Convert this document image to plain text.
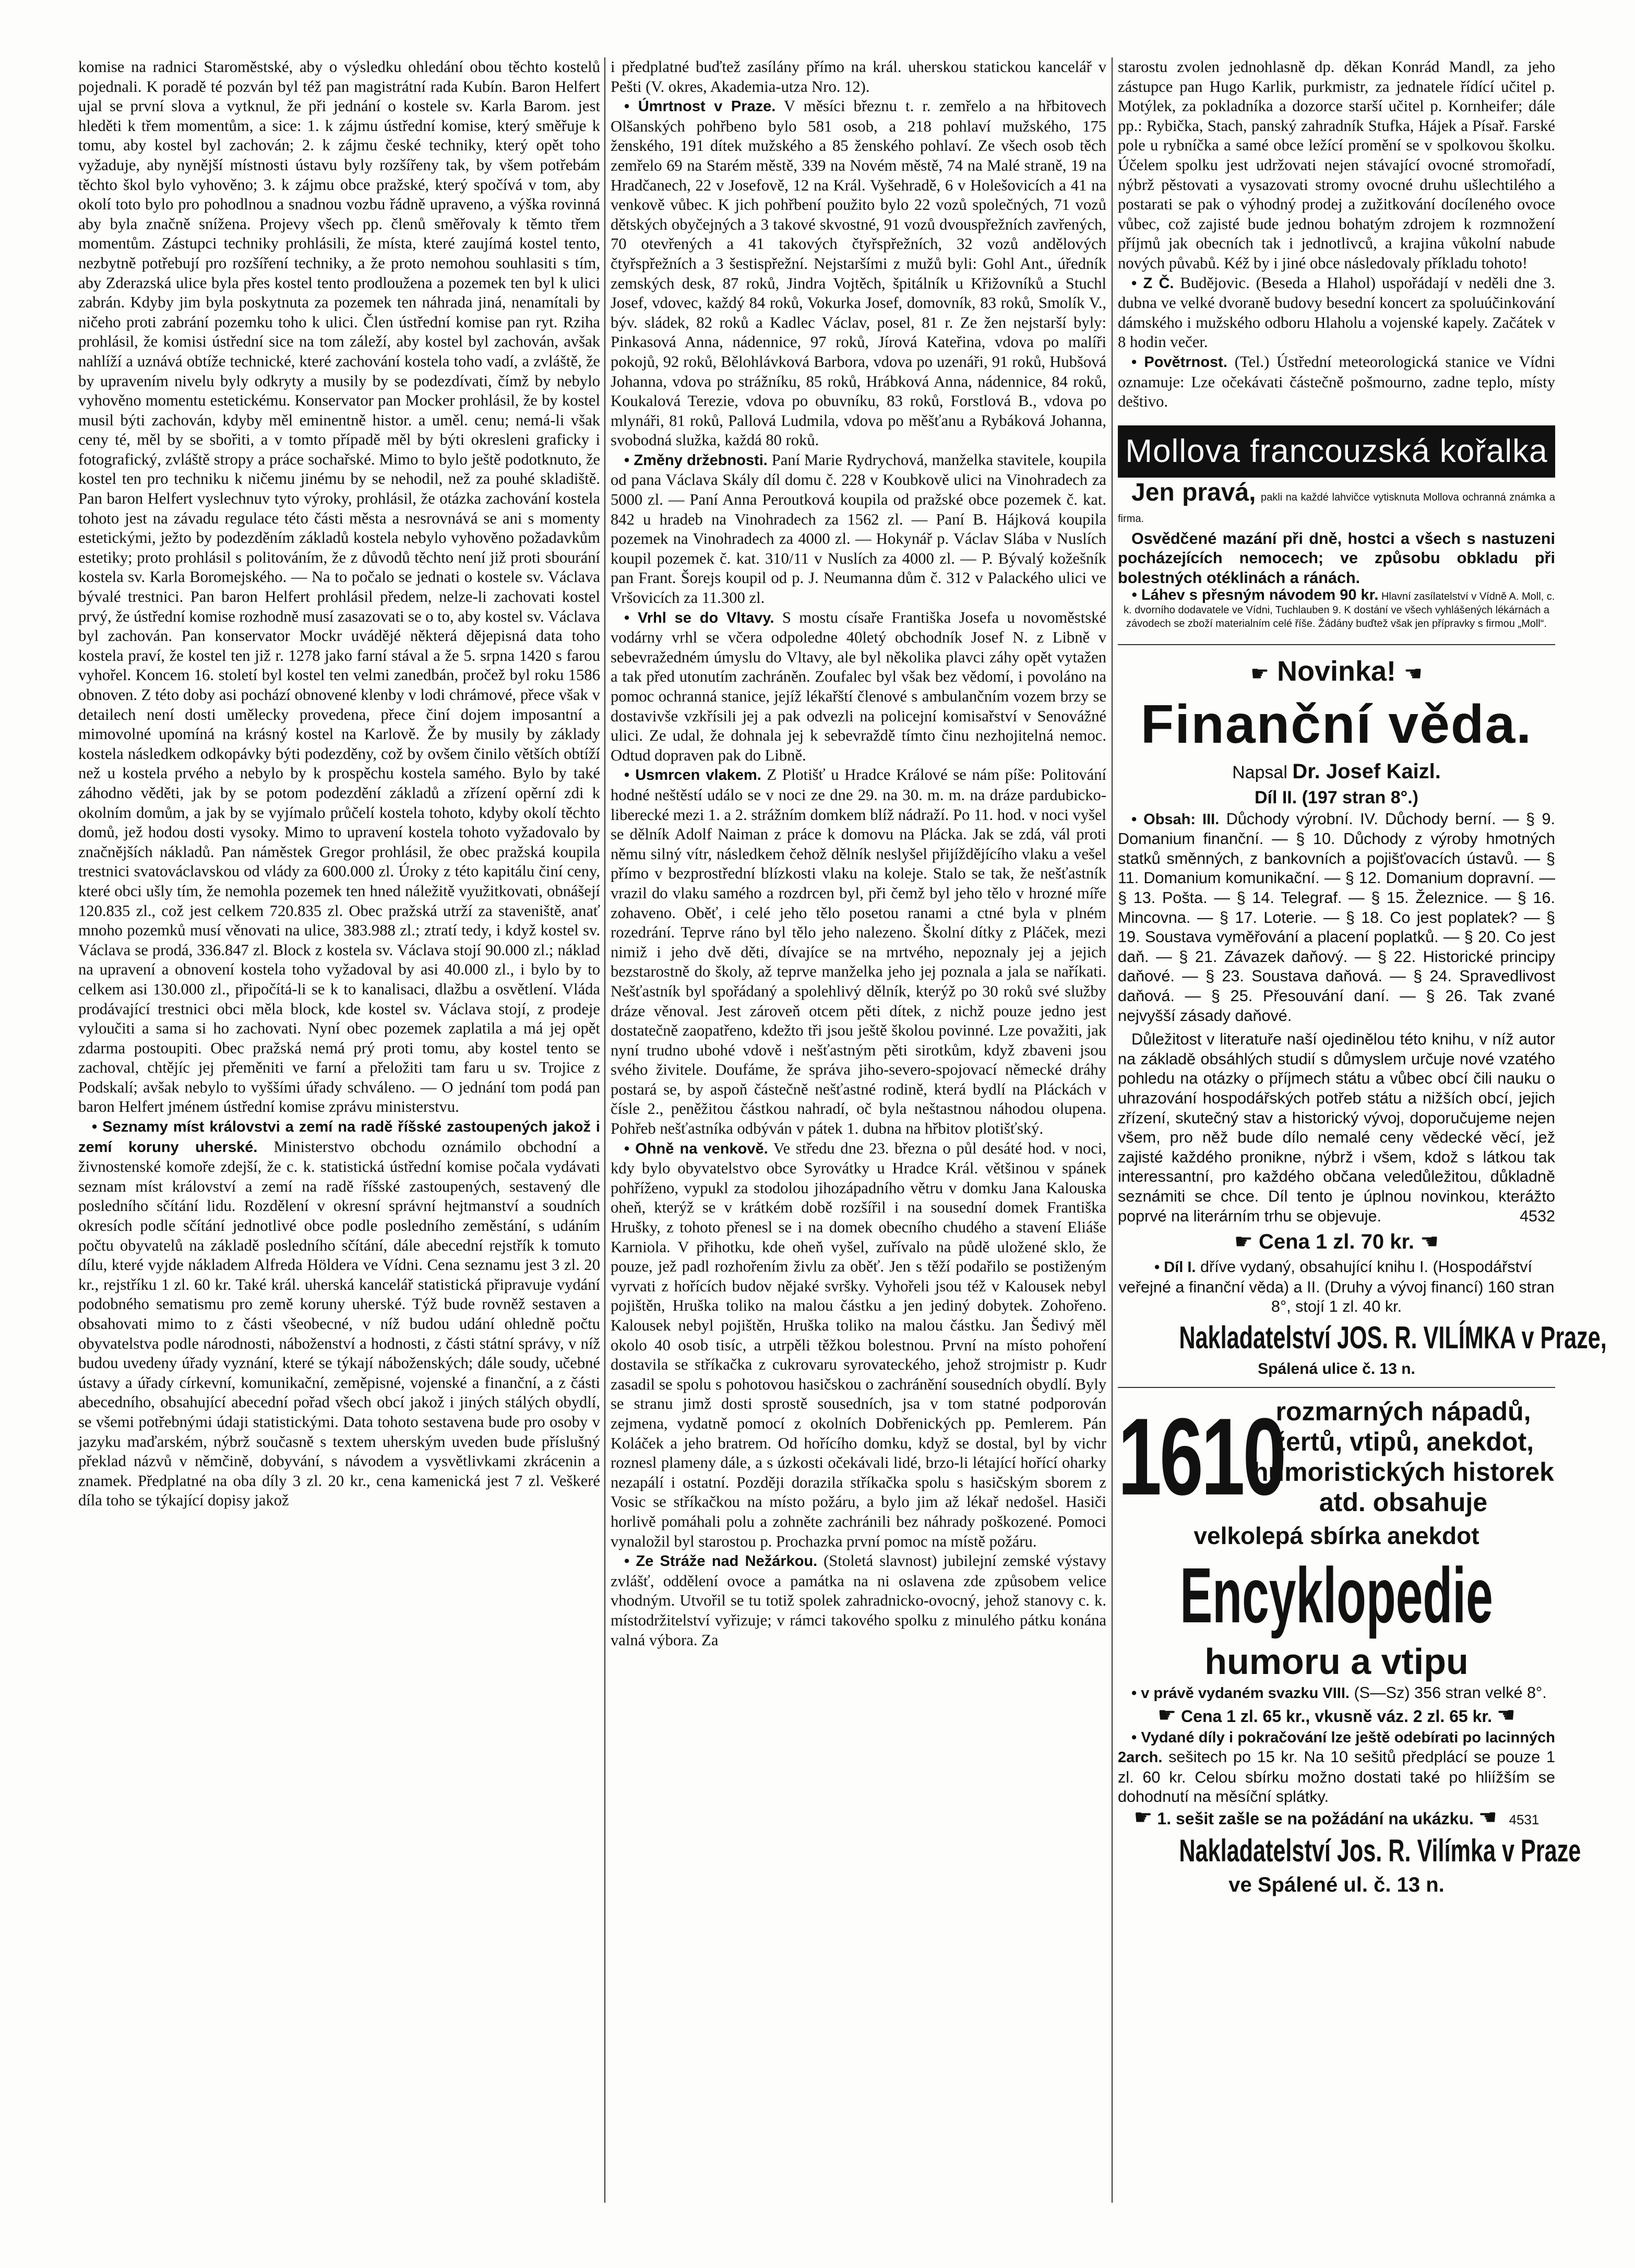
komise na radnici Staroměstské, aby o výsledku ohledání obou těchto kostelů pojednali. K poradě té pozván byl též pan magistrátní rada Kubín. Baron Helfert ujal se první slova a vytknul, že při jednání o kostele sv. Karla Barom. jest hleděti k třem momentům, a sice: 1. k zájmu ústřední komise, který směřuje k tomu, aby kostel byl zachován; 2. k zájmu české techniky, který opět toho vyžaduje, aby nynější místnosti ústavu byly rozšířeny tak, by všem potřebám těchto škol bylo vyhověno; 3. k zájmu obce pražské, který spočívá v tom, aby okolí toto bylo pro pohodlnou a snadnou vozbu řádně upraveno, a výška rovinná aby byla značně snížena. Projevy všech pp. členů směřovaly k těmto třem momentům. Zástupci techniky prohlásili, že místa, které zaujímá kostel tento, nezbytně potřebují pro rozšíření techniky, a že proto nemohou souhlasiti s tím, aby Zderazská ulice byla přes kostel tento prodloužena a pozemek ten byl k ulici zabrán. Kdyby jim byla poskytnuta za pozemek ten náhrada jiná, nenamítali by ničeho proti zabrání pozemku toho k ulici. Člen ústřední komise pan ryt. Rziha prohlásil, že komisi ústřední sice na tom záleží, aby kostel byl zachován, avšak nahlíží a uznává obtíže technické, které zachování kostela toho vadí, a zvláště, že by upravením nivelu byly odkryty a musily by se podezdívati, čímž by nebylo vyhověno momentu estetickému. Konservator pan Mocker prohlásil, že by kostel musil býti zachován, kdyby měl eminentně histor. a uměl. cenu; nemá-li však ceny té, měl by se sbořiti, a v tomto případě měl by býti okresleni graficky i fotografický, zvláště stropy a práce sochařské. Mimo to bylo ještě podotknuto, že kostel ten pro techniku k ničemu jinému by se nehodil, než za pouhé skladiště. Pan baron Helfert vyslechnuv tyto výroky, prohlásil, že otázka zachování kostela tohoto jest na závadu regulace této části města a nesrovnává se ani s momenty estetickými, ježto by podezděním základů kostela nebylo vyhověno požadavkům estetiky; proto prohlásil s politováním, že z důvodů těchto není již proti sbourání kostela sv. Karla Boromejského. — Na to počalo se jednati o kostele sv. Václava bývalé trestnici. Pan baron Helfert prohlásil předem, nelze-li zachovati kostel prvý, že ústřední komise rozhodně musí zasazovati se o to, aby kostel sv. Václava byl zachován. Pan konservator Mockr uvádějé některá dějepisná data toho kostela praví, že kostel ten již r. 1278 jako farní stával a že 5. srpna 1420 s farou vyhořel. Koncem 16. století byl kostel ten velmi zanedbán, pročež byl roku 1586 obnoven. Z této doby asi pochází obnovené klenby v lodi chrámové, přece však v detailech není dosti umělecky provedena, přece činí dojem imposantní a mimovolné upomíná na krásný kostel na Karlově. Že by musily by základy kostela následkem odkopávky býti podezděny, což by ovšem činilo větších obtíží než u kostela prvého a nebylo by k prospěchu kostela samého. Bylo by také záhodno věděti, jak by se potom podezdění základů a zřízení opěrní zdi k okolním domům, a jak by se vyjímalo průčelí kostela tohoto, kdyby okolí těchto domů, jež hodou dosti vysoky. Mimo to upravení kostela tohoto vyžadovalo by značnějších nákladů. Pan náměstek Gregor prohlásil, že obec pražská koupila trestnici svatováclavskou od vlády za 600.000 zl. Úroky z této kapitálu činí ceny, které obci ušly tím, že nemohla pozemek ten hned náležitě využitkovati, obnášejí 120.835 zl., což jest celkem 720.835 zl. Obec pražská utrží za staveniště, anať mnoho pozemků musí věnovati na ulice, 383.988 zl.; ztratí tedy, i když kostel sv. Václava se prodá, 336.847 zl. Block z kostela sv. Václava stojí 90.000 zl.; náklad na upravení a obnovení kostela toho vyžadoval by asi 40.000 zl., i bylo by to celkem asi 130.000 zl., připočítá-li se k to kanalisaci, dlažbu a osvětlení. Vláda prodávající trestnici obci měla block, kde kostel sv. Václava stojí, z prodeje vyloučiti a sama si ho zachovati. Nyní obec pozemek zaplatila a má jej opět zdarma postoupiti. Obec pražská nemá prý proti tomu, aby kostel tento se zachoval, chtějíc jej přeměniti ve farní a přeložiti tam faru u sv. Trojice z Podskalí; avšak nebylo to vyššími úřady schváleno. — O jednání tom podá pan baron Helfert jménem ústřední komise zprávu ministerstvu.

• Seznamy míst královstvi a zemí na radě říšské zastoupených jakož i zemí koruny uherské. Ministerstvo obchodu oznámilo obchodní a živnostenské komoře zdejší, že c. k. statistická ústřední komise počala vydávati seznam míst království a zemí na radě říšské zastoupených, sestavený dle posledního sčítání lidu. Rozdělení v okresní správní hejtmanství a soudních okresích podle sčítání jednotlivé obce podle posledního zeměstání, s udáním počtu obyvatelů na základě posledního sčítání, dále abecední rejstřík k tomuto dílu, které vyjde nákladem Alfreda Höldera ve Vídni. Cena seznamu jest 3 zl. 20 kr., rejstříku 1 zl. 60 kr. Také král. uherská kancelář statistická připravuje vydání podobného sematismu pro země koruny uherské. Týž bude rovněž sestaven a obsahovati mimo to z části všeobecné, v níž budou udání ohledně počtu obyvatelstva podle národnosti, náboženství a hodnosti, z části státní správy, v níž budou uvedeny úřady vyznání, které se týkají náboženských; dále soudy, učebné ústavy a úřady církevní, komunikační, zeměpisné, vojenské a finanční, a z části abecedního, obsahující abecední pořad všech obcí jakož i jiných stálých obydlí, se všemi potřebnými údaji statistickými. Data tohoto sestavena bude pro osoby v jazyku maďarském, nýbrž současně s textem uherským uveden bude příslušný překlad názvů v němčině, dobyvání, s návodem a vysvětlivkami zkrácenin a znamek. Předplatné na oba díly 3 zl. 20 kr., cena kamenická jest 7 zl. Veškeré díla toho se týkající dopisy jakož

i předplatné buďtež zasílány přímo na král. uherskou statickou kancelář v Pešti (V. okres, Akademia-utza Nro. 12).

• Úmrtnost v Praze. V měsíci březnu t. r. zemřelo a na hřbitovech Olšanských pohřbeno bylo 581 osob, a 218 pohlaví mužského, 175 ženského, 191 dítek mužského a 85 ženského pohlaví. Ze všech osob těch zemřelo 69 na Starém městě, 339 na Novém městě, 74 na Malé straně, 19 na Hradčanech, 22 v Josefově, 12 na Král. Vyšehradě, 6 v Holešovicích a 41 na venkově vůbec. K jich pohřbení použito bylo 22 vozů společných, 71 vozů dětských obyčejných a 3 takové skvostné, 91 vozů dvouspřežních zavřených, 70 otevřených a 41 takových čtyřspřežních, 32 vozů andělových čtyřspřežních a 3 šestispřežní. Nejstaršími z mužů byli: Gohl Ant., úředník zemských desk, 87 roků, Jindra Vojtěch, špitálník u Křižovníků a Stuchl Josef, vdovec, každý 84 roků, Vokurka Josef, domovník, 83 roků, Smolík V., býv. sládek, 82 roků a Kadlec Václav, posel, 81 r. Ze žen nejstarší byly: Pinkasová Anna, nádennice, 97 roků, Jírová Kateřina, vdova po malíři pokojů, 92 roků, Bělohlávková Barbora, vdova po uzenáři, 91 roků, Hubšová Johanna, vdova po strážníku, 85 roků, Hrábková Anna, nádennice, 84 roků, Koukalová Terezie, vdova po obuvníku, 83 roků, Forstlová B., vdova po mlynáři, 81 roků, Pallová Ludmila, vdova po měšťanu a Rybáková Johanna, svobodná služka, každá 80 roků.

• Změny držebnosti. Paní Marie Rydrychová, manželka stavitele, koupila od pana Václava Skály díl domu č. 228 v Koubkově ulici na Vinohradech za 5000 zl. — Paní Anna Peroutková koupila od pražské obce pozemek č. kat. 842 u hradeb na Vinohradech za 1562 zl. — Paní B. Hájková koupila pozemek na Vinohradech za 4000 zl. — Hokynář p. Václav Slába v Nuslích koupil pozemek č. kat. 310/11 v Nuslích za 4000 zl. — P. Bývalý kožešník pan Frant. Šorejs koupil od p. J. Neumanna dům č. 312 v Palackého ulici ve Vršovicích za 11.300 zl.

• Vrhl se do Vltavy. S mostu císaře Františka Josefa u novoměstské vodárny vrhl se včera odpoledne 40letý obchodník Josef N. z Libně v sebevražedném úmyslu do Vltavy, ale byl několika plavci záhy opět vytažen a tak před utonutím zachráněn. Zoufalec byl však bez vědomí, i povoláno na pomoc ochranná stanice, jejíž lékařští členové s ambulančním vozem brzy se dostavivše vzkřísili jej a pak odvezli na policejní komisařství v Senovážné ulici. Ze udal, že dohnala jej k sebevraždě tímto činu nezhojitelná nemoc. Odtud dopraven pak do Libně.

• Usmrcen vlakem. Z Plotišť u Hradce Králové se nám píše: Politování hodné neštěstí událo se v noci ze dne 29. na 30. m. m. na dráze pardubicko-liberecké mezi 1. a 2. strážním domkem blíž nádraží. Po 11. hod. v noci vyšel se dělník Adolf Naiman z práce k domovu na Plácka. Jak se zdá, vál proti němu silný vítr, následkem čehož dělník neslyšel přijíždějícího vlaku a vešel přímo v bezprostřední blízkosti vlaku na koleje. Stalo se tak, že nešťastník vrazil do vlaku samého a rozdrcen byl, při čemž byl jeho tělo v hrozné míře zohaveno. Oběť, i celé jeho tělo posetou ranami a ctné byla v plném rozedrání. Teprve ráno byl tělo jeho nalezeno. Školní dítky z Pláček, mezi nimiž i jeho dvě děti, dívajíce se na mrtvého, nepoznaly jej a jejich bezstarostně do školy, až teprve manželka jeho jej poznala a jala se naříkati. Nešťastník byl spořádaný a spolehlivý dělník, kterýž po 30 roků své služby dráze věnoval. Jest zároveň otcem pěti dítek, z nichž pouze jedno jest dostatečně zaopatřeno, kdežto tři jsou ještě školou povinné. Lze považiti, jak nyní trudno ubohé vdově i nešťastným pěti sirotkům, když zbaveni jsou svého živitele. Doufáme, že správa jiho-severo-spojovací německé dráhy postará se, by aspoň částečně nešťastné rodině, která bydlí na Pláckách v čísle 2., peněžitou částkou nahradí, oč byla neštastnou náhodou olupena. Pohřeb nešťastníka odbýván v pátek 1. dubna na hřbitov plotišťský.

• Ohně na venkově. Ve středu dne 23. března o půl desáté hod. v noci, kdy bylo obyvatelstvo obce Syrovátky u Hradce Král. většinou v spánek pohříženo, vypukl za stodolou jihozápadního větru v domku Jana Kalouska oheň, kterýž se v krátkém době rozšířil i na sousední domek Františka Hrušky, z tohoto přenesl se i na domek obecního chudého a stavení Eliáše Karniola. V přihotku, kde oheň vyšel, zuřívalo na půdě uložené sklo, že pouze, jež padl rozhořením živlu za oběť. Jen s těží podařilo se postiženým vyrvati z hořících budov nějaké svršky. Vyhořeli jsou též v Kalousek nebyl pojištěn, Hruška toliko na malou částku a jen jediný dobytek. Zohořeno. Kalousek nebyl pojištěn, Hruška toliko na malou částku. Jan Šedivý měl okolo 40 osob tisíc, a utrpěli těžkou bolestnou. První na místo pohoření dostavila se stříkačka z cukrovaru syrovateckého, jehož strojmistr p. Kudr zasadil se spolu s pohotovou hasičskou o zachránění sousedních obydlí. Byly se stranu jimž dosti sprostě sousedních, jsa v tom statné podporován zejmena, vydatně pomocí z okolních Dobřenických pp. Pemlerem. Pán Koláček a jeho bratrem. Od hořícího domku, když se dostal, byl by vichr roznesl plameny dále, a s úzkosti očekávali lidé, brzo-li létající hořící oharky nezapálí i ostatní. Později dorazila stříkačka spolu s hasičským sborem z Vosic se stříkačkou na místo požáru, a bylo jim až lékař nedošel. Hasiči horlivě pomáhali polu a zohněte zachránili bez náhrady poškozené. Pomoci vynaložil byl starostou p. Prochazka první pomoc na místě požáru.

• Ze Stráže nad Nežárkou. (Stoletá slavnost) jubilejní zemské výstavy zvlášť, oddělení ovoce a památka na ni oslavena zde způsobem velice vhodným. Utvořil se tu totiž spolek zahradnicko-ovocný, jehož stanovy c. k. místodržitelství vyřizuje; v rámci takového spolku z minulého pátku konána valná výbora. Za

starostu zvolen jednohlasně dp. děkan Konrád Mandl, za jeho zástupce pan Hugo Karlik, purkmistr, za jednatele řídící učitel p. Motýlek, za pokladníka a dozorce starší učitel p. Kornheifer; dále pp.: Rybička, Stach, panský zahradník Stufka, Hájek a Písař. Farské pole u rybníčka a samé obce ležící promění se v spolkovou školku. Účelem spolku jest udržovati nejen stávající ovocné stromořadí, nýbrž pěstovati a vysazovati stromy ovocné druhu ušlechtilého a postarati se pak o výhodný prodej a zužitkování docíleného ovoce vůbec, což zajisté bude jednou bohatým zdrojem k rozmnožení příjmů jak obecních tak i jednotlivců, a krajina vůkolní nabude nových půvabů. Kéž by i jiné obce následovaly příkladu tohoto!

• Z Č. Budějovic. (Beseda a Hlahol) uspořádají v neděli dne 3. dubna ve velké dvoraně budovy besední koncert za spoluúčinkování dámského i mužského odboru Hlaholu a vojenské kapely. Začátek v 8 hodin večer.

• Povětrnost. (Tel.) Ústřední meteorologická stanice ve Vídni oznamuje: Lze očekávati částečně pošmourno, zadne teplo, místy deštivo.

Mollova francouzská kořalka

Jen pravá, pakli na každé lahvičce vytisknuta Mollova ochranná známka a firma.

Osvědčené mazání při dně, hostci a všech s nastuzeni pocházejících nemocech; ve způsobu obkladu při bolestných otéklinách a ránách.

• Láhev s přesným návodem 90 kr. Hlavní zasílatelství v Vídně A. Moll, c. k. dvorního dodavatele ve Vídni, Tuchlauben 9. K dostání ve všech vyhlášených lékárnách a závodech se zboží materialním celé říše. Žádány buďtež však jen přípravky s firmou „Moll“.

☛ Novinka! ☚
Finanční věda.
Napsal Dr. Josef Kaizl.
Díl II. (197 stran 8°.)

• Obsah: III. Důchody výrobní. IV. Důchody berní. — § 9. Domanium finanční. — § 10. Důchody z výroby hmotných statků směnných, z bankovních a pojišťovacích ústavů. — § 11. Domanium komunikační. — § 12. Domanium dopravní. — § 13. Pošta. — § 14. Telegraf. — § 15. Železnice. — § 16. Mincovna. — § 17. Loterie. — § 18. Co jest poplatek? — § 19. Soustava vyměřování a placení poplatků. — § 20. Co jest daň. — § 21. Závazek daňový. — § 22. Historické principy daňové. — § 23. Soustava daňová. — § 24. Spravedlivost daňová. — § 25. Přesouvání daní. — § 26. Tak zvané nejvyšší zásady daňové.

Důležitost v literatuře naší ojedinělou této knihu, v níž autor na základě obsáhlých studií s důmyslem určuje nové vzatého pohledu na otázky o příjmech státu a vůbec obcí čili nauku o uhrazování hospodářských potřeb státu a nižších obcí, jejich zřízení, skutečný stav a historický vývoj, doporučujeme nejen všem, pro něž bude dílo nemalé ceny vědecké věcí, jež zajisté každého pronikne, nýbrž i všem, kdož s látkou tak interessantní, pro každého občana veledůležitou, důkladně seznámiti se chce. Díl tento je úplnou novinkou, kterážto poprvé na literárním trhu se objevuje.	4532

☛ Cena 1 zl. 70 kr. ☚

• Díl I. dříve vydaný, obsahující knihu I. (Hospodářství veřejné a finanční věda) a II. (Druhy a vývoj financí) 160 stran 8°, stojí 1 zl. 40 kr.

Nakladatelství JOS. R. VILÍMKA v Praze,
Spálená ulice č. 13 n.
1610
rozmarných nápadů, žertů, vtipů, anekdot, humoristických historek atd. obsahuje
velkolepá sbírka anekdot
Encyklopedie
humoru a vtipu

• v právě vydaném svazku VIII. (S—Sz) 356 stran velké 8°.

☛ Cena 1 zl. 65 kr., vkusně váz. 2 zl. 65 kr. ☚

• Vydané díly i pokračování lze ještě odebírati po lacinných 2arch. sešitech po 15 kr. Na 10 sešitů předplácí se pouze 1 zl. 60 kr. Celou sbírku možno dostati také po hliížším se dohodnutí na měsíční splátky.

☛ 1. sešit zašle se na požádání na ukázku. ☚ 4531
Nakladatelství Jos. R. Vilímka v Praze
ve Spálené ul. č. 13 n.
